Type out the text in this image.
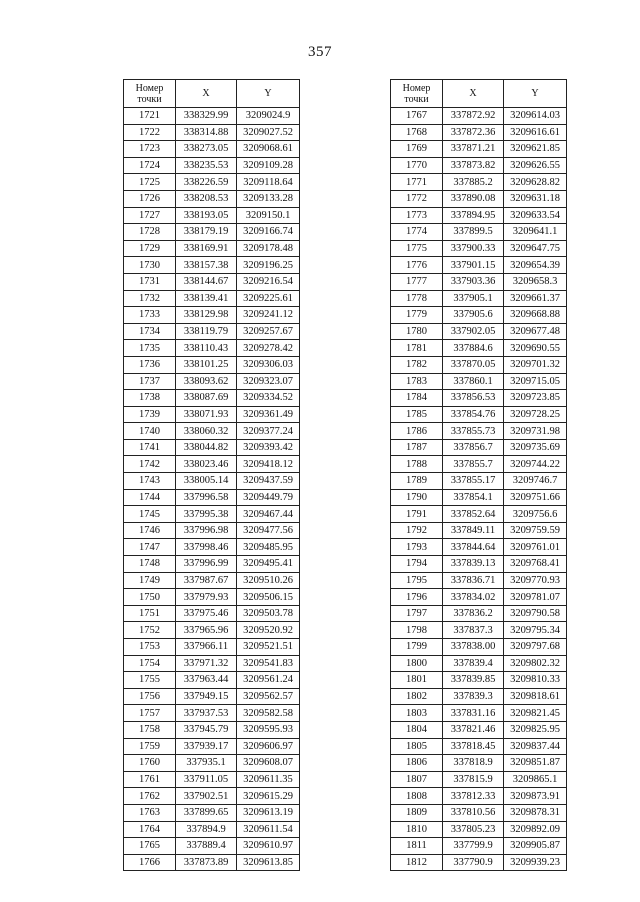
357
Номер
точки	X	Y
1721	338329.99	3209024.9
1722	338314.88	3209027.52
1723	338273.05	3209068.61
1724	338235.53	3209109.28
1725	338226.59	3209118.64
1726	338208.53	3209133.28
1727	338193.05	3209150.1
1728	338179.19	3209166.74
1729	338169.91	3209178.48
1730	338157.38	3209196.25
1731	338144.67	3209216.54
1732	338139.41	3209225.61
1733	338129.98	3209241.12
1734	338119.79	3209257.67
1735	338110.43	3209278.42
1736	338101.25	3209306.03
1737	338093.62	3209323.07
1738	338087.69	3209334.52
1739	338071.93	3209361.49
1740	338060.32	3209377.24
1741	338044.82	3209393.42
1742	338023.46	3209418.12
1743	338005.14	3209437.59
1744	337996.58	3209449.79
1745	337995.38	3209467.44
1746	337996.98	3209477.56
1747	337998.46	3209485.95
1748	337996.99	3209495.41
1749	337987.67	3209510.26
1750	337979.93	3209506.15
1751	337975.46	3209503.78
1752	337965.96	3209520.92
1753	337966.11	3209521.51
1754	337971.32	3209541.83
1755	337963.44	3209561.24
1756	337949.15	3209562.57
1757	337937.53	3209582.58
1758	337945.79	3209595.93
1759	337939.17	3209606.97
1760	337935.1	3209608.07
1761	337911.05	3209611.35
1762	337902.51	3209615.29
1763	337899.65	3209613.19
1764	337894.9	3209611.54
1765	337889.4	3209610.97
1766	337873.89	3209613.85
Номер
точки	X	Y
1767	337872.92	3209614.03
1768	337872.36	3209616.61
1769	337871.21	3209621.85
1770	337873.82	3209626.55
1771	337885.2	3209628.82
1772	337890.08	3209631.18
1773	337894.95	3209633.54
1774	337899.5	3209641.1
1775	337900.33	3209647.75
1776	337901.15	3209654.39
1777	337903.36	3209658.3
1778	337905.1	3209661.37
1779	337905.6	3209668.88
1780	337902.05	3209677.48
1781	337884.6	3209690.55
1782	337870.05	3209701.32
1783	337860.1	3209715.05
1784	337856.53	3209723.85
1785	337854.76	3209728.25
1786	337855.73	3209731.98
1787	337856.7	3209735.69
1788	337855.7	3209744.22
1789	337855.17	3209746.7
1790	337854.1	3209751.66
1791	337852.64	3209756.6
1792	337849.11	3209759.59
1793	337844.64	3209761.01
1794	337839.13	3209768.41
1795	337836.71	3209770.93
1796	337834.02	3209781.07
1797	337836.2	3209790.58
1798	337837.3	3209795.34
1799	337838.00	3209797.68
1800	337839.4	3209802.32
1801	337839.85	3209810.33
1802	337839.3	3209818.61
1803	337831.16	3209821.45
1804	337821.46	3209825.95
1805	337818.45	3209837.44
1806	337818.9	3209851.87
1807	337815.9	3209865.1
1808	337812.33	3209873.91
1809	337810.56	3209878.31
1810	337805.23	3209892.09
1811	337799.9	3209905.87
1812	337790.9	3209939.23
